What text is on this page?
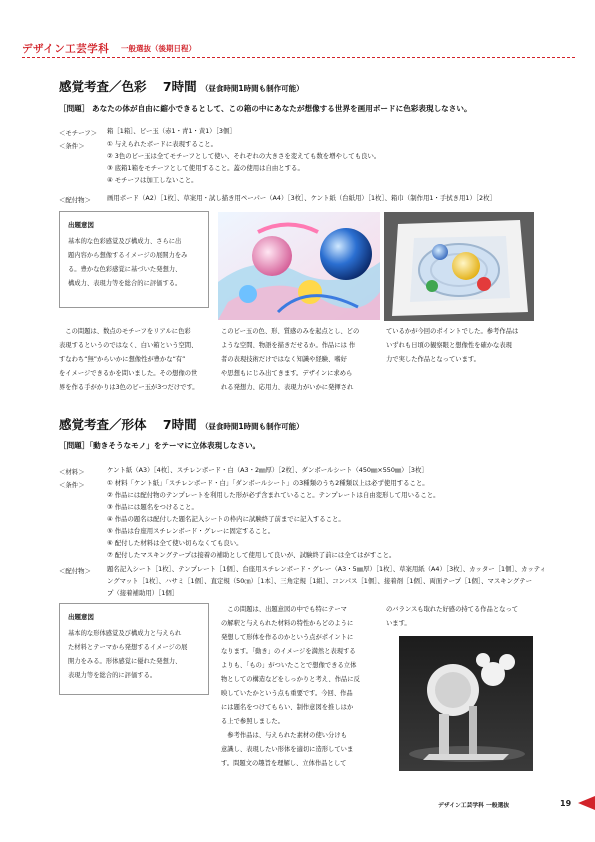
デザイン工芸学科 一般選抜（後期日程）
感覚考査／色彩 7時間 （昼食時間1時間も制作可能）
［問題］ あなたの体が自由に縮小できるとして、この箱の中にあなたが想像する世界を画用ボードに色彩表現しなさい。
＜モチーフ＞ 箱［1箱］、ビー玉（赤1・青1・黄1）［3個］
＜条件＞	① 与えられたボードに表現すること。
② 3色のビー玉は全てモチーフとして使い、それぞれの大きさを変えても数を増やしても良い。
③ 底箱1箱をモチーフとして使用すること。蓋の使用は自由とする。
④ モチーフは加工しないこと。
＜配付物＞	画用ボード（A2）［1枚］、草案用・試し描き用ペーパー（A4）［3枚］、ケント紙（台紙用）［1枚］、箱巾（制作用1・手拭き用1）［2枚］
出題意図
基本的な色彩感覚及び構成力、さらに出
題内容から想像するイメージの展開力をみ
る。豊かな色彩感覚に基づいた発想力、
構成力、表現力等を総合的に評価する。
　この問題は、数点のモチーフをリアルに色彩
表現するというのではなく、白い箱という空間、
すなわち“無”からいかに想像性が豊かな“有”
をイメージできるかを問いました。その想像の世
界を作る手がかりは3色のビー玉が3つだけです。
このビー玉の色、形、質感のみを起点とし、どの
ような空間、物語を描きだせるか。作品には 作
者の表現技術だけではなく知識や経験、嗜好
や思想もにじみ出てきます。デザインに求めら
れる発想力、応用力、表現力がいかに発揮され
ているかが今回のポイントでした。参考作品は
いずれも日頃の観察眼と想像性を確かな表現
力で実した作品となっています。
感覚考査／形体 7時間 （昼食時間1時間も制作可能）
［問題］「動きそうなモノ」をテーマに立体表現しなさい。
＜材料＞	ケント紙（A3）［4枚］、スチレンボード・白（A3・2㎜厚）［2枚］、ダンボールシート（450㎜×550㎜）［3枚］
＜条件＞	① 材料「ケント紙」「スチレンボード・白」「ダンボールシート」の3種類のうち2種類以上は必ず使用すること。
② 作品には配付物のテンプレートを利用した形が必ず含まれていること。テンプレートは自由変形して用いること。
③ 作品には題名をつけること。
④ 作品の題名は配付した題名記入シートの枠内に試験終了前までに記入すること。
⑤ 作品は台座用スチレンボード・グレーに固定すること。
⑥ 配付した材料は全て使い切らなくても良い。
⑦ 配付したマスキングテープは接着の補助として使用して良いが、試験終了前には全てはがすこと。
＜配付物＞	題名記入シート［1枚］、テンプレート［1個］、台座用スチレンボード・グレー（A3・5㎜厚）［1枚］、草案用紙（A4）［3枚］、カッター［1個］、カッティ
ングマット［1枚］、ハサミ［1個］、直定規（50㎝）［1本］、三角定規［1組］、コンパス［1個］、接着剤［1個］、両面テープ［1個］、マスキングテー
プ（接着補助用）［1個］
出題意図
基本的な形体感覚及び構成力と与えられ
た材料とテーマから発想するイメージの展
開力をみる。形体感覚に優れた発想力、
表現力等を総合的に評価する。
　この問題は、出題意図の中でも特にテーマ
の解釈と与えられた材料の特性からどのように
発想して形体を作るのかという点がポイントに
なります。「動き」のイメージを満然と表現する
よりも、「もの」がついたことで想像できる立体
物としての構造などをしっかりと考え、作品に反
映していたかという点も重要です。今回、作品
には題名をつけてもらい、制作意図を推しはか
る上で参照しました。
　参考作品は、与えられた素材の使い分けも
意識し、表現したい形体を適切に造形していま
す。問題文の趣旨を理解し、立体作品として
のバランスも取れた好感の持てる作品となって
います。
デザイン工芸学科 一般選抜	19
